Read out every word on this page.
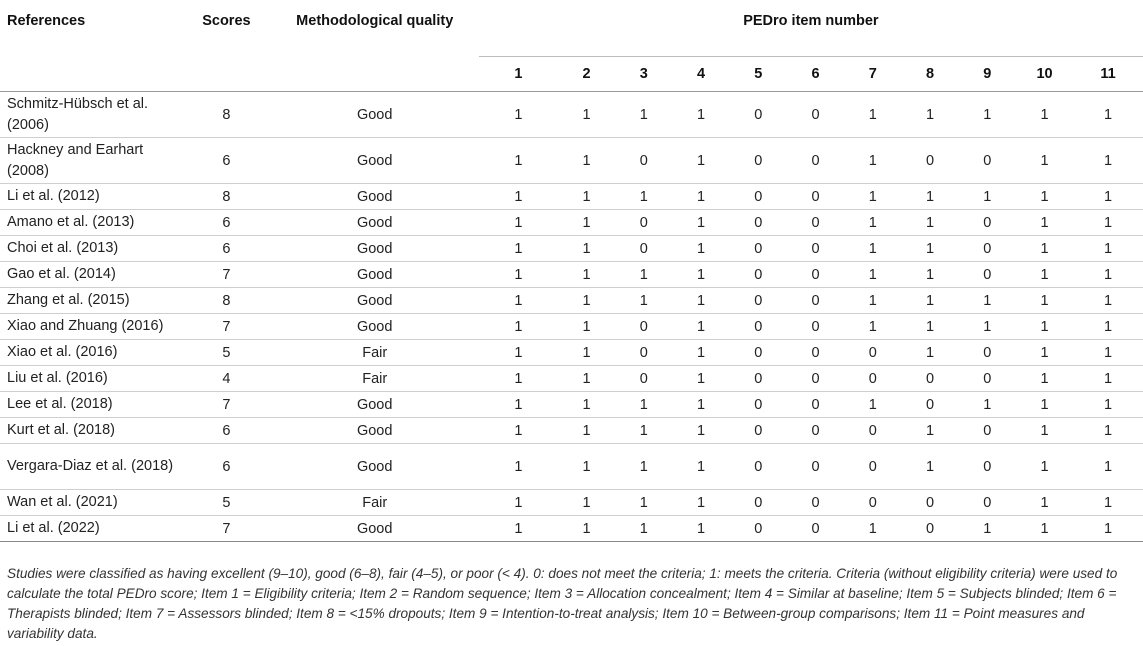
References	Scores	Methodological quality	PEDro item number										
			1	2	3	4	5	6	7	8	9	10	11
Schmitz-Hübsch et al. (2006)	8	Good	1	1	1	1	0	0	1	1	1	1	1
Hackney and Earhart (2008)	6	Good	1	1	0	1	0	0	1	0	0	1	1
Li et al. (2012)	8	Good	1	1	1	1	0	0	1	1	1	1	1
Amano et al. (2013)	6	Good	1	1	0	1	0	0	1	1	0	1	1
Choi et al. (2013)	6	Good	1	1	0	1	0	0	1	1	0	1	1
Gao et al. (2014)	7	Good	1	1	1	1	0	0	1	1	0	1	1
Zhang et al. (2015)	8	Good	1	1	1	1	0	0	1	1	1	1	1
Xiao and Zhuang (2016)	7	Good	1	1	0	1	0	0	1	1	1	1	1
Xiao et al. (2016)	5	Fair	1	1	0	1	0	0	0	1	0	1	1
Liu et al. (2016)	4	Fair	1	1	0	1	0	0	0	0	0	1	1
Lee et al. (2018)	7	Good	1	1	1	1	0	0	1	0	1	1	1
Kurt et al. (2018)	6	Good	1	1	1	1	0	0	0	1	0	1	1
Vergara-Diaz et al. (2018)	6	Good	1	1	1	1	0	0	0	1	0	1	1
Wan et al. (2021)	5	Fair	1	1	1	1	0	0	0	0	0	1	1
Li et al. (2022)	7	Good	1	1	1	1	0	0	1	0	1	1	1
Studies were classified as having excellent (9–10), good (6–8), fair (4–5), or poor (< 4). 0: does not meet the criteria; 1: meets the criteria. Criteria (without eligibility criteria) were used to calculate the total PEDro score; Item 1 = Eligibility criteria; Item 2 = Random sequence; Item 3 = Allocation concealment; Item 4 = Similar at baseline; Item 5 = Subjects blinded; Item 6 = Therapists blinded; Item 7 = Assessors blinded; Item 8 = <15% dropouts; Item 9 = Intention-to-treat analysis; Item 10 = Between-group comparisons; Item 11 = Point measures and variability data.
